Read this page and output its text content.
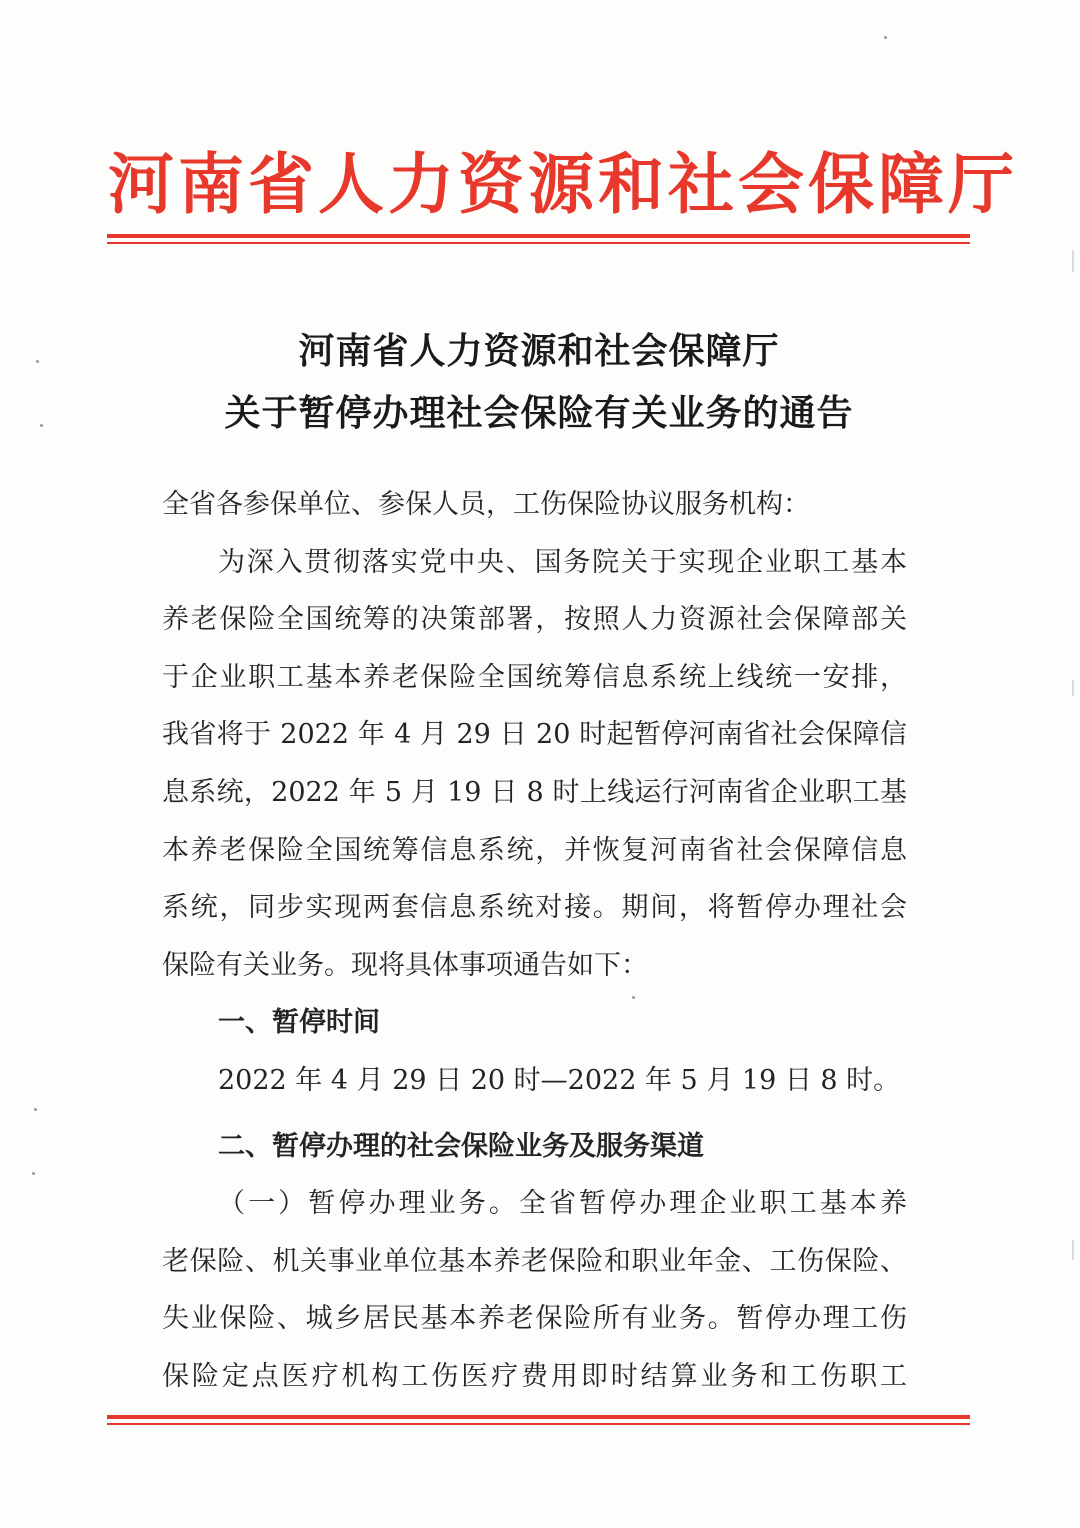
河南省人力资源和社会保障厅
河南省人力资源和社会保障厅
关于暂停办理社会保险有关业务的通告
全省各参保单位、参保人员，工伤保险协议服务机构：
为深入贯彻落实党中央、国务院关于实现企业职工基本
养老保险全国统筹的决策部署，按照人力资源社会保障部关
于企业职工基本养老保险全国统筹信息系统上线统一安排，
我省将于 2022 年 4 月 29 日 20 时起暂停河南省社会保障信
息系统，2022 年 5 月 19 日 8 时上线运行河南省企业职工基
本养老保险全国统筹信息系统，并恢复河南省社会保障信息
系统，同步实现两套信息系统对接。期间，将暂停办理社会
保险有关业务。现将具体事项通告如下：
一、暂停时间
2022 年 4 月 29 日 20 时—2022 年 5 月 19 日 8 时。
二、暂停办理的社会保险业务及服务渠道
（一）暂停办理业务。全省暂停办理企业职工基本养
老保险、机关事业单位基本养老保险和职业年金、工伤保险、
失业保险、城乡居民基本养老保险所有业务。暂停办理工伤
保险定点医疗机构工伤医疗费用即时结算业务和工伤职工
